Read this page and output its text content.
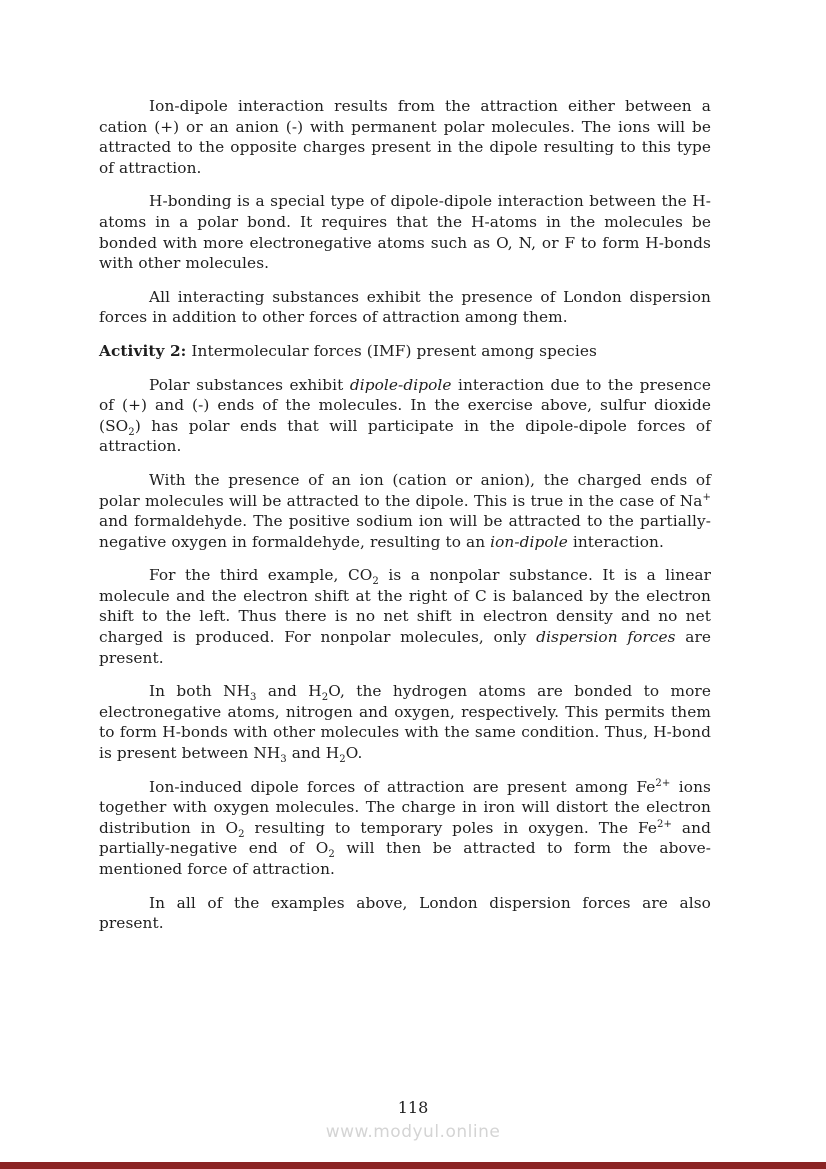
Ion-dipole interaction results from the attraction either between a cation (+) or an anion (-) with permanent polar molecules. The ions will be attracted to the opposite charges present in the dipole resulting to this type of attraction.

H-bonding is a special type of dipole-dipole interaction between the H-atoms in a polar bond. It requires that the H-atoms in the molecules be bonded with more electronegative atoms such as O, N, or F to form H-bonds with other molecules.

All interacting substances exhibit the presence of London dispersion forces in addition to other forces of attraction among them.

Activity 2: Intermolecular forces (IMF) present among species

Polar substances exhibit dipole-dipole interaction due to the presence of (+) and (-) ends of the molecules. In the exercise above, sulfur dioxide $(SO_2)$ has polar ends that will participate in the dipole-dipole forces of attraction.

With the presence of an ion (cation or anion), the charged ends of polar molecules will be attracted to the dipole. This is true in the case of Na+ and formaldehyde. The positive sodium ion will be attracted to the partially-negative oxygen in formaldehyde, resulting to an ion-dipole interaction.

For the third example, $CO_2$ is a nonpolar substance. It is a linear molecule and the electron shift at the right of C is balanced by the electron shift to the left. Thus there is no net shift in electron density and no net charged is produced. For nonpolar molecules, only dispersion forces are present.

In both $NH_3$ and $H_2O$, the hydrogen atoms are bonded to more electronegative atoms, nitrogen and oxygen, respectively. This permits them to form H-bonds with other molecules with the same condition. Thus, H-bond is present between $NH_3$ and $H_2O$.

Ion-induced dipole forces of attraction are present among $Fe^{2+}$ ions together with oxygen molecules. The charge in iron will distort the electron distribution in $O_2$ resulting to temporary poles in oxygen. The $Fe^{2+}$ and partially-negative end of $O_2$ will then be attracted to form the above-mentioned force of attraction.

In all of the examples above, London dispersion forces are also present.

118
www.modyul.online
